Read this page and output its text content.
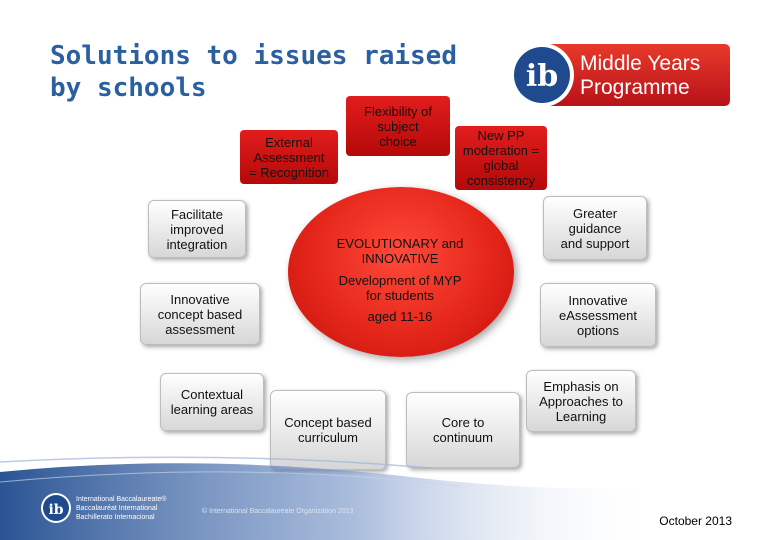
Solutions to issues raised
by schools	ib Middle Years
Programme
EVOLUTIONARY and
INNOVATIVE
Development of MYP
for students
aged 11-16
Flexibility of
subject
choice
External
Assessment
= Recognition
New PP
moderation =
global
consistency
Facilitate
improved
integration
Greater
guidance
and support
Innovative
concept based
assessment
Innovative
eAssessment
options
Contextual
learning areas
Emphasis on
Approaches to
Learning
Concept based
curriculum
Core to
continuum
ib
International Baccalaureate®
Baccalauréat International
Bachillerato Internacional
© International Baccalaureate Organization 2013
October 2013
